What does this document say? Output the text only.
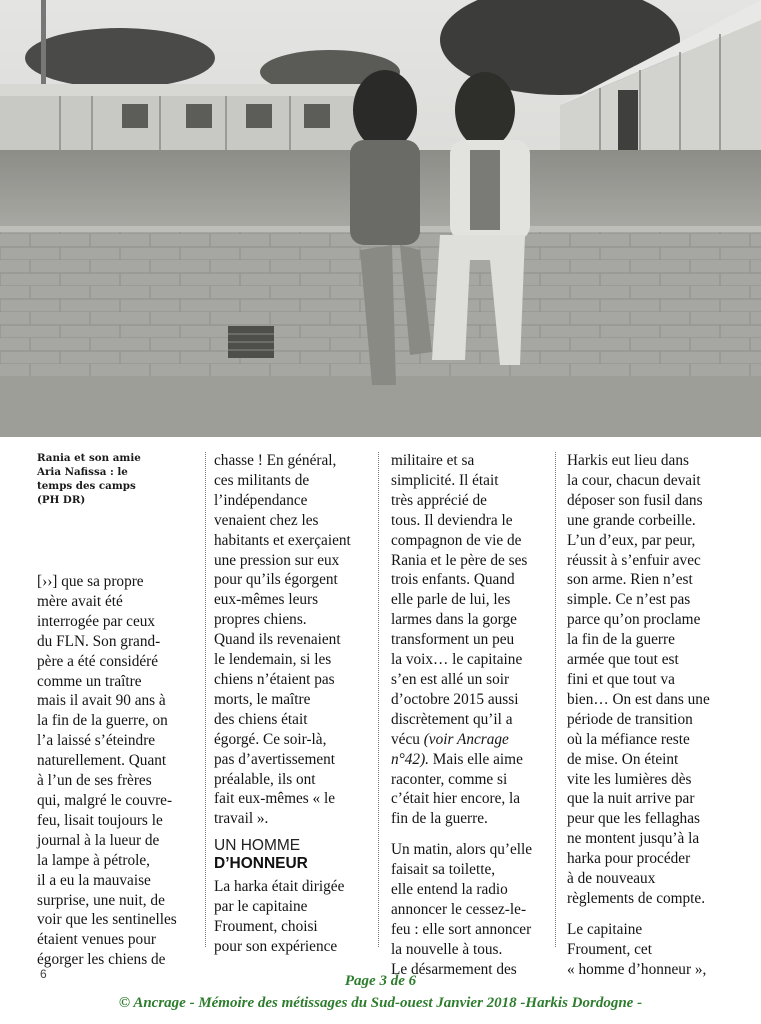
Rania et son amie
Aria Nafissa : le
temps des camps
(PH DR)

[››] que sa propre

mère avait été

interrogée par ceux

du FLN. Son grand-

père a été considéré

comme un traître

mais il avait 90 ans à

la fin de la guerre, on

l’a laissé s’éteindre

naturellement. Quant

à l’un de ses frères

qui, malgré le couvre-

feu, lisait toujours le

journal à la lueur de

la lampe à pétrole,

il a eu la mauvaise

surprise, une nuit, de

voir que les sentinelles

étaient venues pour

égorger les chiens de

chasse ! En général,

ces militants de

l’indépendance

venaient chez les

habitants et exerçaient

une pression sur eux

pour qu’ils égorgent

eux-mêmes leurs

propres chiens.

Quand ils revenaient

le lendemain, si les

chiens n’étaient pas

morts, le maître

des chiens était

égorgé. Ce soir-là,

pas d’avertissement

préalable, ils ont

fait eux-mêmes « le

travail ».

UN HOMME
D’HONNEUR

La harka était dirigée

par le capitaine

Froument, choisi

pour son expérience

militaire et sa

simplicité. Il était

très apprécié de

tous. Il deviendra le

compagnon de vie de

Rania et le père de ses

trois enfants. Quand

elle parle de lui, les

larmes dans la gorge

transforment un peu

la voix… le capitaine

s’en est allé un soir

d’octobre 2015 aussi

discrètement qu’il a

vécu (voir Ancrage

n°42). Mais elle aime

raconter, comme si

c’était hier encore, la

fin de la guerre.

Un matin, alors qu’elle

faisait sa toilette,

elle entend la radio

annoncer le cessez-le-

feu : elle sort annoncer

la nouvelle à tous.

Le désarmement des

Harkis eut lieu dans

la cour, chacun devait

déposer son fusil dans

une grande corbeille.

L’un d’eux, par peur,

réussit à s’enfuir avec

son arme. Rien n’est

simple. Ce n’est pas

parce qu’on proclame

la fin de la guerre

armée que tout est

fini et que tout va

bien… On est dans une

période de transition

où la méfiance reste

de mise. On éteint

vite les lumières dès

que la nuit arrive par

peur que les fellaghas

ne montent jusqu’à la

harka pour procéder

à de nouveaux

règlements de compte.

Le capitaine

Froument, cet

« homme d’honneur »,

6	Page 3 de 6
© Ancrage - Mémoire des métissages du Sud-ouest Janvier 2018 -Harkis Dordogne -
